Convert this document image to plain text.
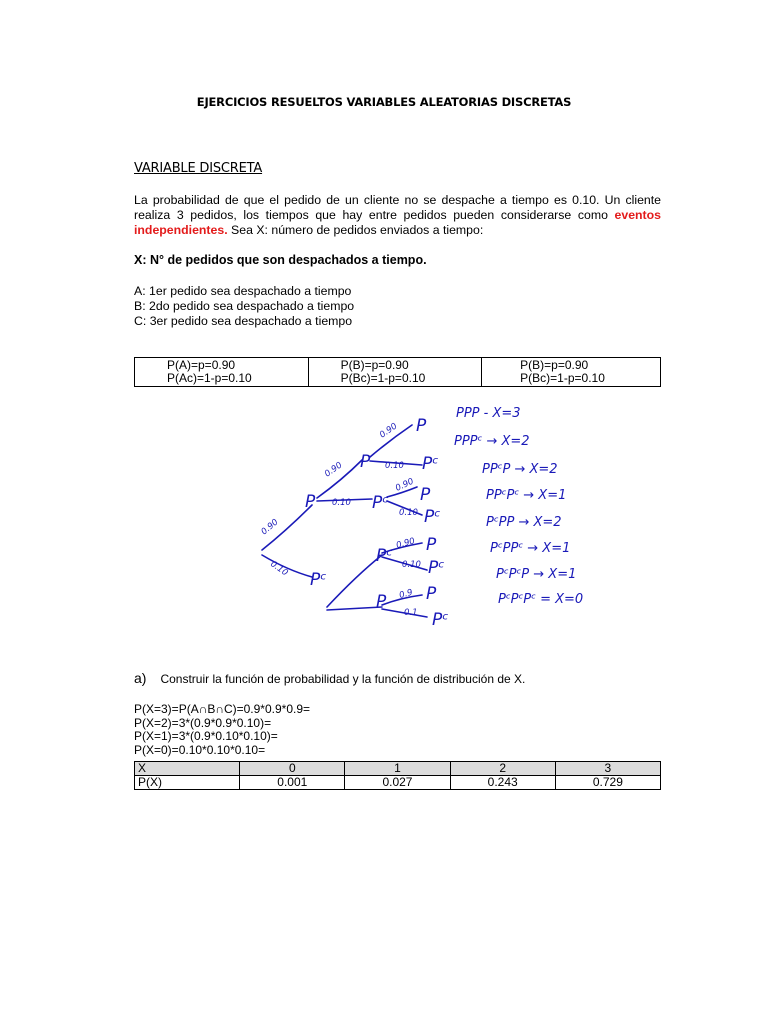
EJERCICIOS RESUELTOS VARIABLES ALEATORIAS DISCRETAS
VARIABLE DISCRETA
La probabilidad de que el pedido de un cliente no se despache a tiempo es 0.10. Un cliente realiza 3 pedidos, los tiempos que hay entre pedidos pueden considerarse como eventos independientes. Sea X: número de pedidos enviados a tiempo:
X: N° de pedidos que son despachados a tiempo.
A: 1er pedido sea despachado a tiempo
B: 2do pedido sea despachado a tiempo
C: 3er pedido sea despachado a tiempo
P(A)=p=0.90
P(Ac)=1-p=0.10

P(B)=p=0.90
P(Bc)=1-p=0.10

P(B)=p=0.90
P(Bc)=1-p=0.10
0.90
0.10
0.90
0.10
0.90
0.10
0.90
0.10
0.90
0.10
0.9
0.1
P
Pᶜ
P
Pᶜ
P
Pᶜ
P
Pᶜ
P
Pᶜ
P
Pᶜ
P
Pᶜ
PPP - X=3
PPPᶜ → X=2
PPᶜP → X=2
PPᶜPᶜ → X=1
PᶜPP → X=2
PᶜPPᶜ → X=1
PᶜPᶜP → X=1
PᶜPᶜPᶜ = X=0
a) Construir la función de probabilidad y la función de distribución de X.
P(X=3)=P(A∩B∩C)=0.9*0.9*0.9=
P(X=2)=3*(0.9*0.9*0.10)=
P(X=1)=3*(0.9*0.10*0.10)=
P(X=0)=0.10*0.10*0.10=
X	0	1	2	3
P(X)	0.001	0.027	0.243	0.729
